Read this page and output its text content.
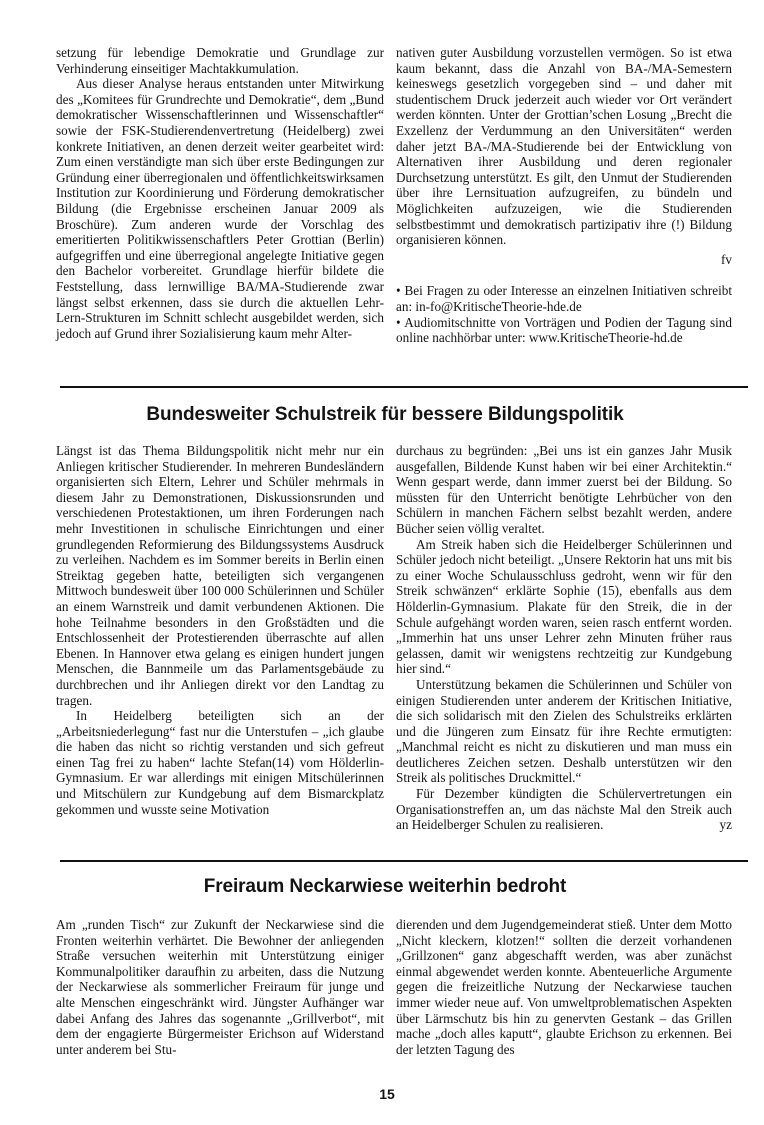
setzung für lebendige Demokratie und Grundlage zur Verhinderung einseitiger Machtakkumulation.

Aus dieser Analyse heraus entstanden unter Mitwirkung des „Komitees für Grundrechte und Demokratie“, dem „Bund demokratischer Wissenschaftlerinnen und Wissenschaftler“ sowie der FSK-Studierendenvertretung (Heidelberg) zwei konkrete Initiativen, an denen derzeit weiter gearbeitet wird: Zum einen verständigte man sich über erste Bedingungen zur Gründung einer überregionalen und öffentlichkeitswirksamen Institution zur Koordinierung und Förderung demokratischer Bildung (die Ergebnisse erscheinen Januar 2009 als Broschüre). Zum anderen wurde der Vorschlag des emeritierten Politikwissenschaftlers Peter Grottian (Berlin) aufgegriffen und eine überregional angelegte Initiative gegen den Bachelor vorbereitet. Grundlage hierfür bildete die Feststellung, dass lernwillige BA/MA-Studierende zwar längst selbst erkennen, dass sie durch die aktuellen Lehr-Lern-Strukturen im Schnitt schlecht ausgebildet werden, sich jedoch auf Grund ihrer Sozialisierung kaum mehr Alter-

nativen guter Ausbildung vorzustellen vermögen. So ist etwa kaum bekannt, dass die Anzahl von BA-/MA-Semestern keineswegs gesetzlich vorgegeben sind – und daher mit studentischem Druck jederzeit auch wieder vor Ort verändert werden könnten. Unter der Grottian’schen Losung „Brecht die Exzellenz der Verdummung an den Universitäten“ werden daher jetzt BA-/MA-Studierende bei der Entwicklung von Alternativen ihrer Ausbildung und deren regionaler Durchsetzung unterstützt. Es gilt, den Unmut der Studierenden über ihre Lernsituation aufzugreifen, zu bündeln und Möglichkeiten aufzuzeigen, wie die Studierenden selbstbestimmt und demokratisch partizipativ ihre (!) Bildung organisieren können.

fv

• Bei Fragen zu oder Interesse an einzelnen Initiativen schreibt an: in-fo@KritischeTheorie-hde.de
• Audiomitschnitte von Vorträgen und Podien der Tagung sind online nachhörbar unter: www.KritischeTheorie-hd.de
Bundesweiter Schulstreik für bessere Bildungspolitik

Längst ist das Thema Bildungspolitik nicht mehr nur ein Anliegen kritischer Studierender. In mehreren Bundesländern organisierten sich Eltern, Lehrer und Schüler mehrmals in diesem Jahr zu Demonstrationen, Diskussionsrunden und verschiedenen Protestaktionen, um ihren Forderungen nach mehr Investitionen in schulische Einrichtungen und einer grundlegenden Reformierung des Bildungssystems Ausdruck zu verleihen. Nachdem es im Sommer bereits in Berlin einen Streiktag gegeben hatte, beteiligten sich vergangenen Mittwoch bundesweit über 100 000 Schülerinnen und Schüler an einem Warnstreik und damit verbundenen Aktionen. Die hohe Teilnahme besonders in den Großstädten und die Entschlossenheit der Protestierenden überraschte auf allen Ebenen. In Hannover etwa gelang es einigen hundert jungen Menschen, die Bannmeile um das Parlamentsgebäude zu durchbrechen und ihr Anliegen direkt vor den Landtag zu tragen.

In Heidelberg beteiligten sich an der „Arbeitsniederlegung“ fast nur die Unterstufen – „ich glaube die haben das nicht so richtig verstanden und sich gefreut einen Tag frei zu haben“ lachte Stefan(14) vom Hölderlin-Gymnasium. Er war allerdings mit einigen Mitschülerinnen und Mitschülern zur Kundgebung auf dem Bismarckplatz gekommen und wusste seine Motivation

durchaus zu begründen: „Bei uns ist ein ganzes Jahr Musik ausgefallen, Bildende Kunst haben wir bei einer Architektin.“ Wenn gespart werde, dann immer zuerst bei der Bildung. So müssten für den Unterricht benötigte Lehrbücher von den Schülern in manchen Fächern selbst bezahlt werden, andere Bücher seien völlig veraltet.

Am Streik haben sich die Heidelberger Schülerinnen und Schüler jedoch nicht beteiligt. „Unsere Rektorin hat uns mit bis zu einer Woche Schulausschluss gedroht, wenn wir für den Streik schwänzen“ erklärte Sophie (15), ebenfalls aus dem Hölderlin-Gymnasium. Plakate für den Streik, die in der Schule aufgehängt worden waren, seien rasch entfernt worden. „Immerhin hat uns unser Lehrer zehn Minuten früher raus gelassen, damit wir wenigstens rechtzeitig zur Kundgebung hier sind.“

Unterstützung bekamen die Schülerinnen und Schüler von einigen Studierenden unter anderem der Kritischen Initiative, die sich solidarisch mit den Zielen des Schulstreiks erklärten und die Jüngeren zum Einsatz für ihre Rechte ermutigten: „Manchmal reicht es nicht zu diskutieren und man muss ein deutlicheres Zeichen setzen. Deshalb unterstützen wir den Streik als politisches Druckmittel.“

Für Dezember kündigten die Schülervertretungen ein Organisationstreffen an, um das nächste Mal den Streik auch an Heidelberger Schulen zu realisieren.	yz

Freiraum Neckarwiese weiterhin bedroht

Am „runden Tisch“ zur Zukunft der Neckarwiese sind die Fronten weiterhin verhärtet. Die Bewohner der anliegenden Straße versuchen weiterhin mit Unterstützung einiger Kommunalpolitiker daraufhin zu arbeiten, dass die Nutzung der Neckarwiese als sommerlicher Freiraum für junge und alte Menschen eingeschränkt wird. Jüngster Aufhänger war dabei Anfang des Jahres das sogenannte „Grillverbot“, mit dem der engagierte Bürgermeister Erichson auf Widerstand unter anderem bei Stu-

dierenden und dem Jugendgemeinderat stieß. Unter dem Motto „Nicht kleckern, klotzen!“ sollten die derzeit vorhandenen „Grillzonen“ ganz abgeschafft werden, was aber zunächst einmal abgewendet werden konnte. Abenteuerliche Argumente gegen die freizeitliche Nutzung der Neckarwiese tauchen immer wieder neue auf. Von umweltproblematischen Aspekten über Lärmschutz bis hin zu genervten Gestank – das Grillen mache „doch alles kaputt“, glaubte Erichson zu erkennen. Bei der letzten Tagung des

15
